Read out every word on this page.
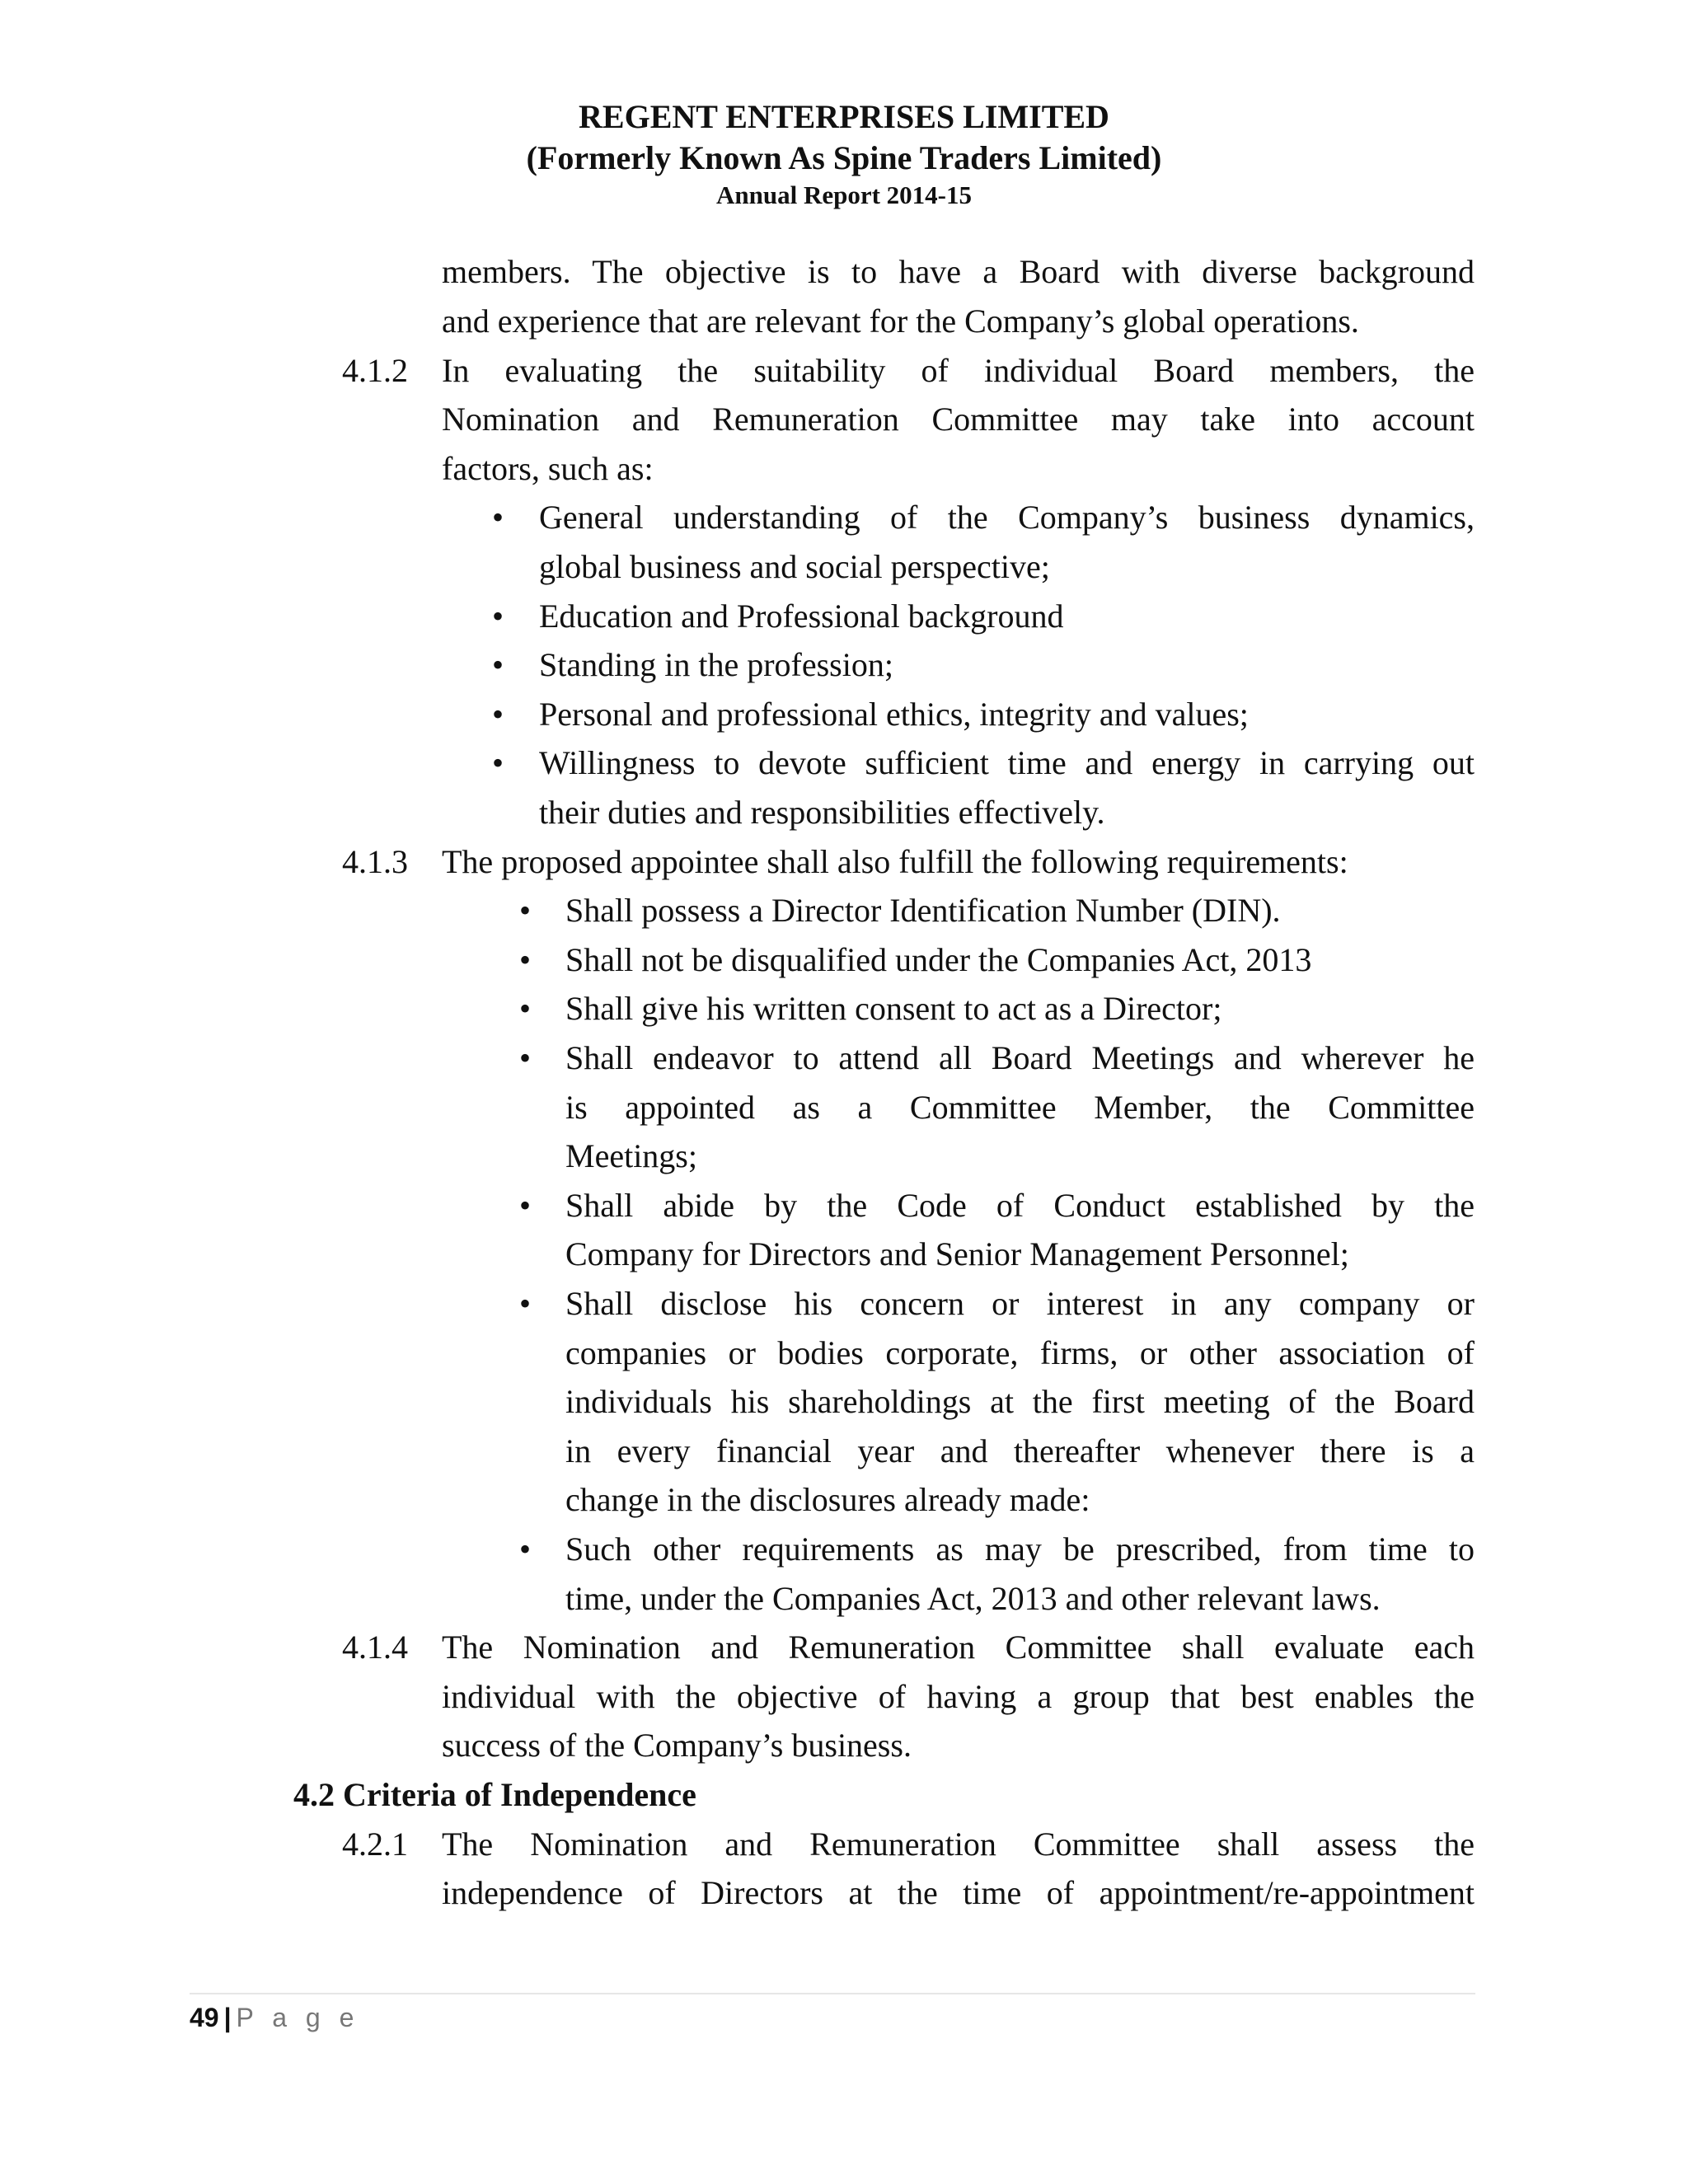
REGENT ENTERPRISES LIMITED
(Formerly Known As Spine Traders Limited)
Annual Report 2014-15
members. The objective is to have a Board with diverse background
and experience that are relevant for the Company’s global operations.
4.1.2 In evaluating the suitability of individual Board members, the
Nomination and Remuneration Committee may take into account
factors, such as:
• General understanding of the Company’s business dynamics,
global business and social perspective;
• Education and Professional background
• Standing in the profession;
• Personal and professional ethics, integrity and values;
• Willingness to devote sufficient time and energy in carrying out
their duties and responsibilities effectively.
4.1.3 The proposed appointee shall also fulfill the following requirements:
• Shall possess a Director Identification Number (DIN).
• Shall not be disqualified under the Companies Act, 2013
• Shall give his written consent to act as a Director;
• Shall endeavor to attend all Board Meetings and wherever he
is appointed as a Committee Member, the Committee
Meetings;
• Shall abide by the Code of Conduct established by the
Company for Directors and Senior Management Personnel;
• Shall disclose his concern or interest in any company or
companies or bodies corporate, firms, or other association of
individuals his shareholdings at the first meeting of the Board
in every financial year and thereafter whenever there is a
change in the disclosures already made:
• Such other requirements as may be prescribed, from time to
time, under the Companies Act, 2013 and other relevant laws.
4.1.4 The Nomination and Remuneration Committee shall evaluate each
individual with the objective of having a group that best enables the
success of the Company’s business.
4.2 Criteria of Independence
4.2.1 The Nomination and Remuneration Committee shall assess the
independence of Directors at the time of appointment/re-appointment
49 | P a g e
